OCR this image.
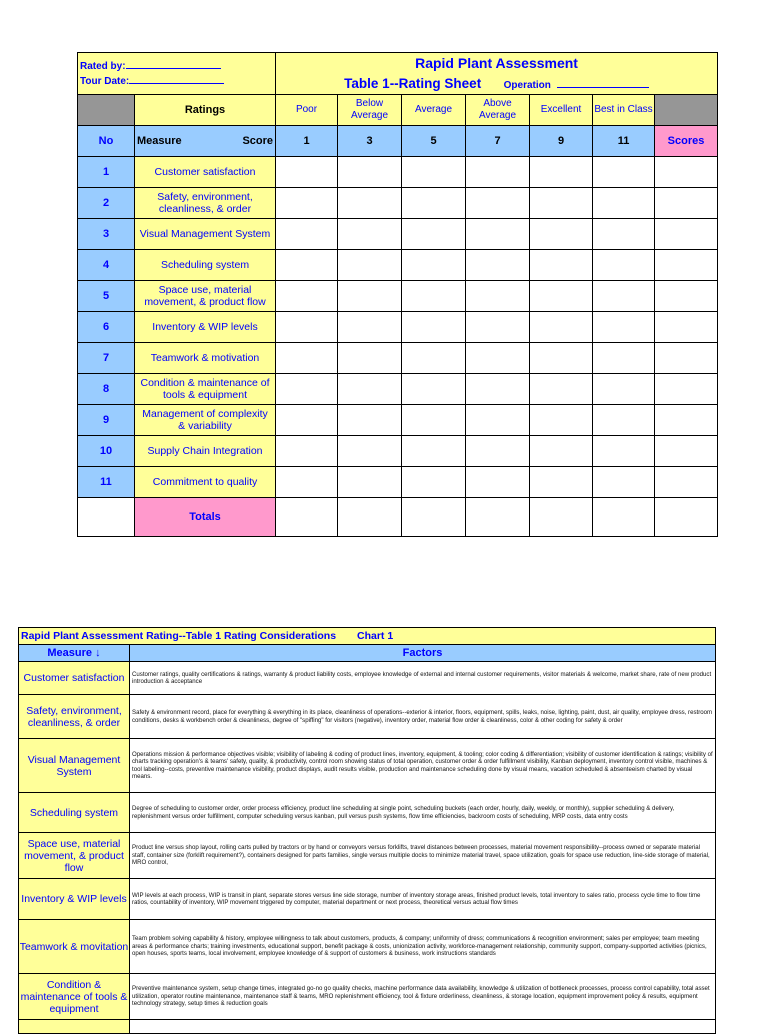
Rated by:
Tour Date:		Rapid Plant Assessment						
		Table 1--Rating Sheet Operation						
	Ratings	Poor	Below Average	Average	Above Average	Excellent	Best in Class	
No	Measure Score	1	3	5	7	9	11	Scores
1	Customer satisfaction							
2	Safety, environment, cleanliness, & order							
3	Visual Management System							
4	Scheduling system							
5	Space use, material movement, & product flow							
6	Inventory & WIP levels							
7	Teamwork & motivation							
8	Condition & maintenance of tools & equipment							
9	Management of complexity & variability							
10	Supply Chain Integration							
11	Commitment to quality							
	Totals							
Rapid Plant Assessment Rating--Table 1 Rating Considerations Chart 1	
Measure ↓	Factors
Customer satisfaction	Customer ratings, quality certifications & ratings, warranty & product liability costs, employee knowledge of external and internal customer requirements, visitor materials & welcome, market share, rate of new product introduction & acceptance
Safety, environment, cleanliness, & order	Safety & environment record, place for everything & everything in its place, cleanliness of operations--exterior & interior, floors, equipment, spills, leaks, noise, lighting, paint, dust, air quality, employee dress, restroom conditions, desks & workbench order & cleanliness, degree of "spiffing" for visitors (negative), inventory order, material flow order & cleanliness, color & other coding for safety & order
Visual Management System	Operations mission & performance objectives visible; visibility of labeling & coding of product lines, inventory, equipment, & tooling; color coding & differentiation; visibility of customer identification & ratings; visibility of charts tracking operation's & teams' safety, quality, & productivity, control room showing status of total operation, customer order & order fulfillment visibility, Kanban deployment, inventory control visible, machines & tool labeling--costs, preventive maintenance visibility, product displays, audit results visible, production and maintenance scheduling done by visual means, vacation scheduled & absenteeism charted by visual means.
Scheduling system	Degree of scheduling to customer order, order process efficiency, product line scheduling at single point, scheduling buckets (each order, hourly, daily, weekly, or monthly), supplier scheduling & delivery, replenishment versus order fulfillment, computer scheduling versus kanban, pull versus push systems, flow time efficiencies, backroom costs of scheduling, MRP costs, data entry costs
Space use, material movement, & product flow	Product line versus shop layout, rolling carts pulled by tractors or by hand or conveyors versus forklifts, travel distances between processes, material movement responsibility--process owned or separate material staff, container size (forklift requirement?), containers designed for parts families, single versus multiple docks to minimize material travel, space utilization, goals for space use reduction, line-side storage of material, MRO control,
Inventory & WIP levels	WIP levels at each process, WIP is transit in plant, separate stores versus line side storage, number of inventory storage areas, finished product levels, total inventory to sales ratio, process cycle time to flow time ratios, countability of inventory, WIP movement triggered by computer, material department or next process, theoretical versus actual flow times
Teamwork & movitation	Team problem solving capability & history, employee willingness to talk about customers, products, & company; uniformity of dress; communications & recognition environment; sales per employee; team meeting areas & performance charts; training investments, educational support, benefit package & costs, unionization activity, workforce-management relationship, community support, company-supported activities (picnics, open houses, sports teams, local involvement, employee knowledge of & support of customers & business, work instructions standards
Condition & maintenance of tools & equipment	Preventive maintenance system, setup change times, integrated go-no go quality checks, machine performance data availability, knowledge & utilization of bottleneck processes, process control capability, total asset utilization, operator routine maintenance, maintenance staff & teams, MRO replenishment efficiency, tool & fixture orderliness, cleanliness, & storage location, equipment improvement policy & results, equipment technology strategy, setup times & reduction goals
